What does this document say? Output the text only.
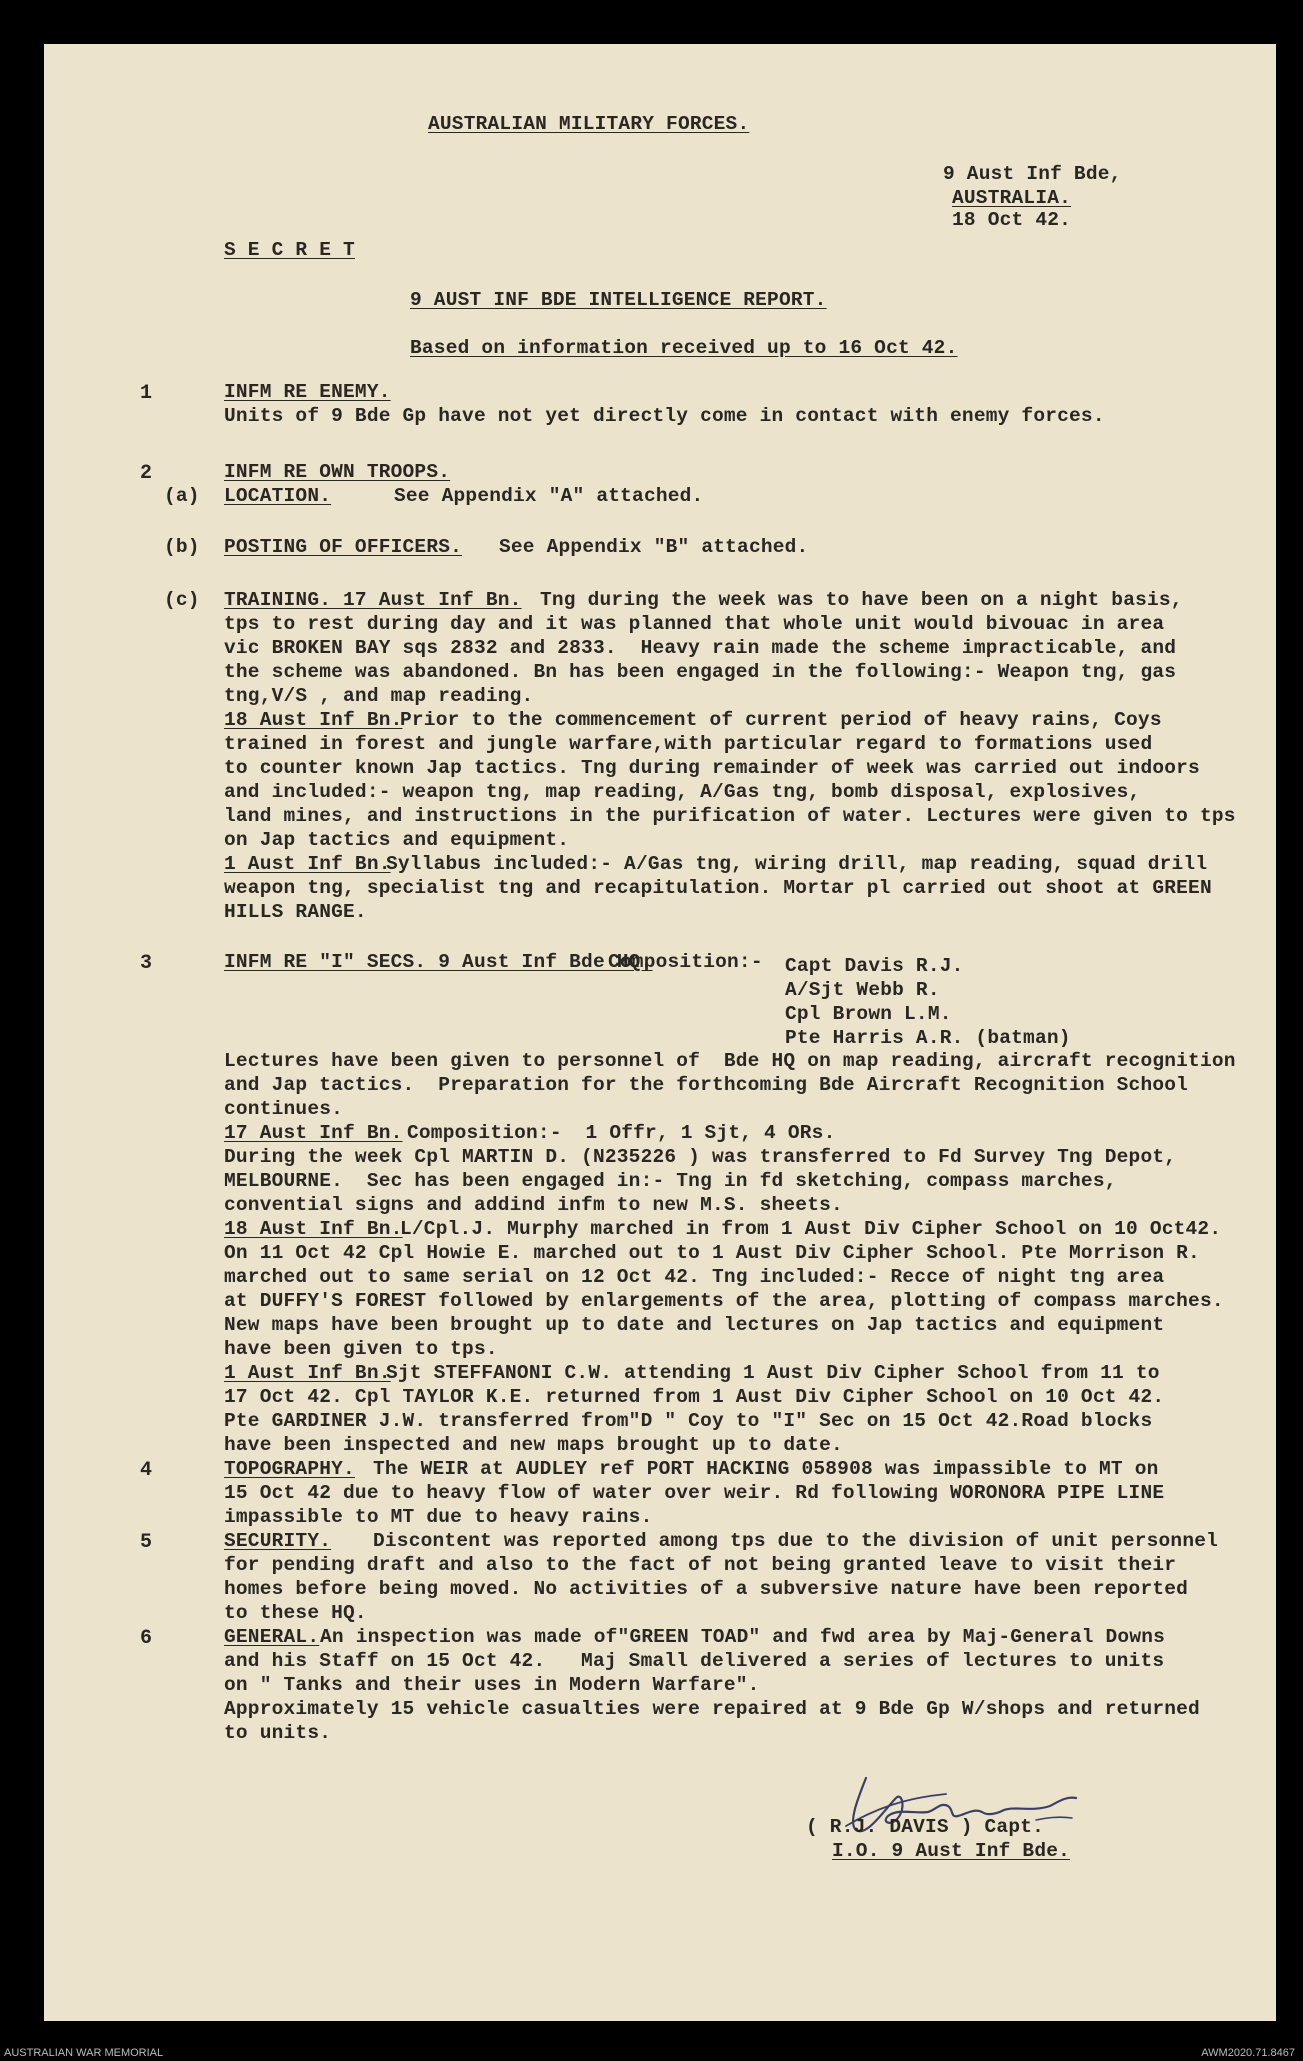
AUSTRALIAN MILITARY FORCES.
9 Aust Inf Bde,
AUSTRALIA.
18 Oct 42.
S E C R E T
9 AUST INF BDE INTELLIGENCE REPORT.
Based on information received up to 16 Oct 42.
1	INFM RE ENEMY.
Units of 9 Bde Gp have not yet directly come in contact with enemy forces.
2	INFM RE OWN TROOPS.
(a) LOCATION.	See Appendix "A" attached.
(b) POSTING OF OFFICERS. See Appendix "B" attached.
(c) TRAINING. 17 Aust Inf Bn. Tng during the week was to have been on a night basis,
tps to rest during day and it was planned that whole unit would bivouac in area
vic BROKEN BAY sqs 2832 and 2833.  Heavy rain made the scheme impracticable, and
the scheme was abandoned. Bn has been engaged in the following:- Weapon tng, gas
tng,V/S , and map reading.
18 Aust Inf Bn.
Prior to the commencement of current period of heavy rains, Coys
trained in forest and jungle warfare,with particular regard to formations used
to counter known Jap tactics. Tng during remainder of week was carried out indoors
and included:- weapon tng, map reading, A/Gas tng, bomb disposal, explosives,
land mines, and instructions in the purification of water. Lectures were given to tps
on Jap tactics and equipment.
1 Aust Inf Bn.
Syllabus included:- A/Gas tng, wiring drill, map reading, squad drill
weapon tng, specialist tng and recapitulation. Mortar pl carried out shoot at GREEN
HILLS RANGE.
3	INFM RE "I" SECS. 9 Aust Inf Bde HQ.
Composition:- Capt Davis R.J.
A/Sjt Webb R.
Cpl Brown L.M.
Pte Harris A.R. (batman)
Lectures have been given to personnel of  Bde HQ on map reading, aircraft recognition
and Jap tactics.  Preparation for the forthcoming Bde Aircraft Recognition School
continues.
17 Aust Inf Bn. Composition:-  1 Offr, 1 Sjt, 4 ORs.
During the week Cpl MARTIN D. (N235226 ) was transferred to Fd Survey Tng Depot,
MELBOURNE.  Sec has been engaged in:- Tng in fd sketching, compass marches,
convential signs and addind infm to new M.S. sheets.
18 Aust Inf Bn.
L/Cpl.J. Murphy marched in from 1 Aust Div Cipher School on 10 Oct42.
On 11 Oct 42 Cpl Howie E. marched out to 1 Aust Div Cipher School. Pte Morrison R.
marched out to same serial on 12 Oct 42. Tng included:- Recce of night tng area
at DUFFY'S FOREST followed by enlargements of the area, plotting of compass marches.
New maps have been brought up to date and lectures on Jap tactics and equipment
have been given to tps.
1 Aust Inf Bn.
Sjt STEFFANONI C.W. attending 1 Aust Div Cipher School from 11 to
17 Oct 42. Cpl TAYLOR K.E. returned from 1 Aust Div Cipher School on 10 Oct 42.
Pte GARDINER J.W. transferred from"D " Coy to "I" Sec on 15 Oct 42.Road blocks
have been inspected and new maps brought up to date.
4	TOPOGRAPHY. The WEIR at AUDLEY ref PORT HACKING 058908 was impassible to MT on
15 Oct 42 due to heavy flow of water over weir. Rd following WORONORA PIPE LINE
impassible to MT due to heavy rains.
5	SECURITY. Discontent was reported among tps due to the division of unit personnel
for pending draft and also to the fact of not being granted leave to visit their
homes before being moved. No activities of a subversive nature have been reported
to these HQ.
6	GENERAL. An inspection was made of"GREEN TOAD" and fwd area by Maj-General Downs
and his Staff on 15 Oct 42.   Maj Small delivered a series of lectures to units
on " Tanks and their uses in Modern Warfare".
Approximately 15 vehicle casualties were repaired at 9 Bde Gp W/shops and returned
to units.
( R.J. DAVIS ) Capt.
I.O. 9 Aust Inf Bde.
AUSTRALIAN WAR MEMORIAL	AWM2020.71.8467
